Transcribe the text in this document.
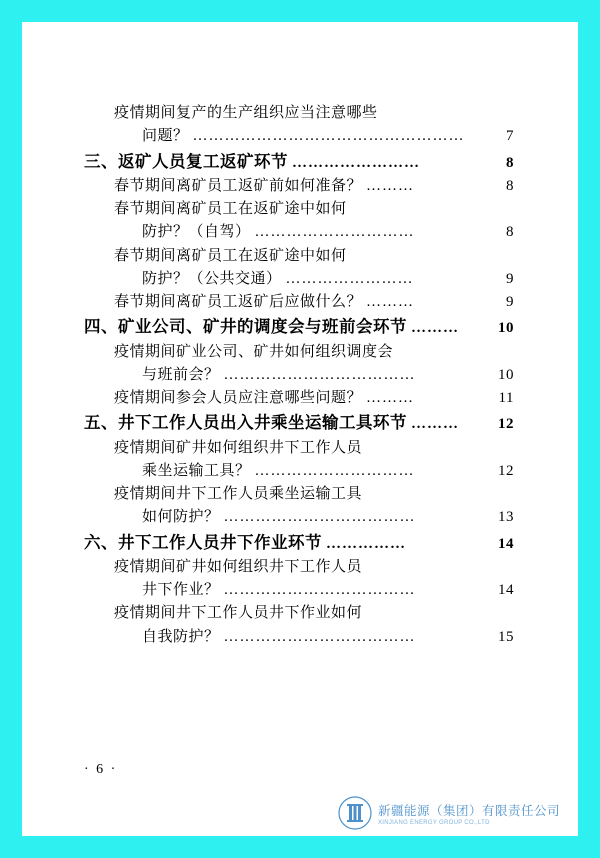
疫情期间复产的生产组织应当注意哪些
问题？ ……………………………………………	7
三、返矿人员复工返矿环节 ……………………	8
春节期间离矿员工返矿前如何准备？ ………	8
春节期间离矿员工在返矿途中如何
防护？（自驾） …………………………	8
春节期间离矿员工在返矿途中如何
防护？（公共交通） ……………………	9
春节期间离矿员工返矿后应做什么？ ………	9
四、矿业公司、矿井的调度会与班前会环节 ………	10
疫情期间矿业公司、矿井如何组织调度会
与班前会？ ………………………………	10
疫情期间参会人员应注意哪些问题？ ………	11
五、井下工作人员出入井乘坐运输工具环节 ………	12
疫情期间矿井如何组织井下工作人员
乘坐运输工具？ …………………………	12
疫情期间井下工作人员乘坐运输工具
如何防护？ ………………………………	13
六、井下工作人员井下作业环节 ……………	14
疫情期间矿井如何组织井下工作人员
井下作业？ ………………………………	14
疫情期间井下工作人员井下作业如何
自我防护？ ………………………………	15
· 6 ·
新疆能源（集团）有限责任公司
XINJIANG ENERGY GROUP CO.,LTD
